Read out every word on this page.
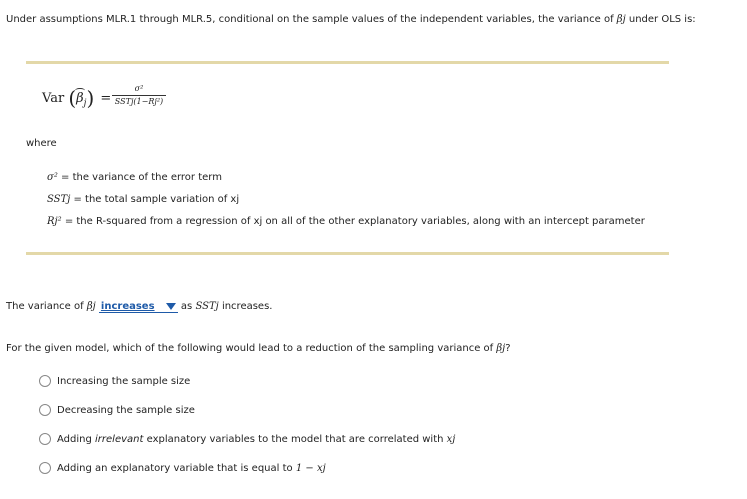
Under assumptions MLR.1 through MLR.5, conditional on the sample values of the independent variables, the variance of βj under OLS is:
Var $(\beta_j)$ =
σ²
SSTj(1−Rj²)
where
σ² = the variance of the error term
SSTj = the total sample variation of xj
Rj² = the R-squared from a regression of xj on all of the other explanatory variables, along with an intercept parameter
The variance of βj increases	as SSTj increases.
For the given model, which of the following would lead to a reduction of the sampling variance of βj?
Increasing the sample size
Decreasing the sample size
Adding irrelevant explanatory variables to the model that are correlated with xj
Adding an explanatory variable that is equal to 1 − xj
